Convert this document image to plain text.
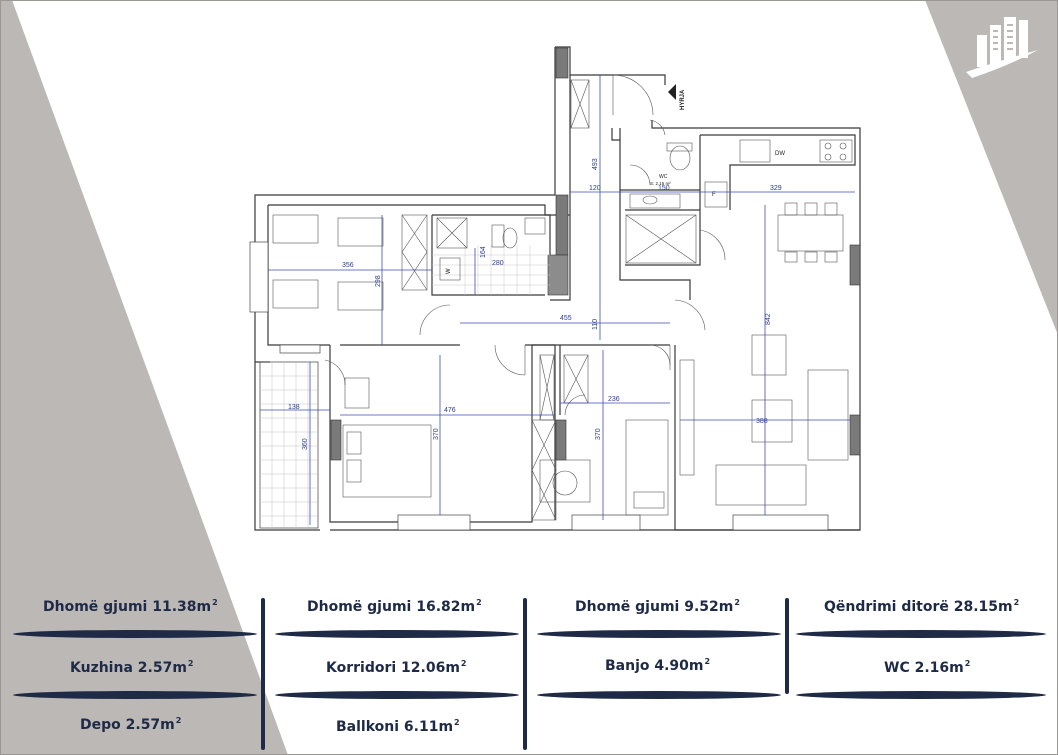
493
120	150	329
356
298
164
280
455
110	842
138	476
236
360
370	370
388
DW
F
W
WC
S: 2.16 m²
HYRJA
Dhomë gjumi $11.38m^2$	Dhomë gjumi $16.82m^2$	Dhomë gjumi $9.52m^2$	Qëndrimi ditorë $28.15m^2$
Kuzhina $2.57m^2$	Korridori $12.06m^2$	Banjo $4.90m^2$	WC $2.16m^2$
Depo $2.57m^2$	Ballkoni $6.11m^2$
